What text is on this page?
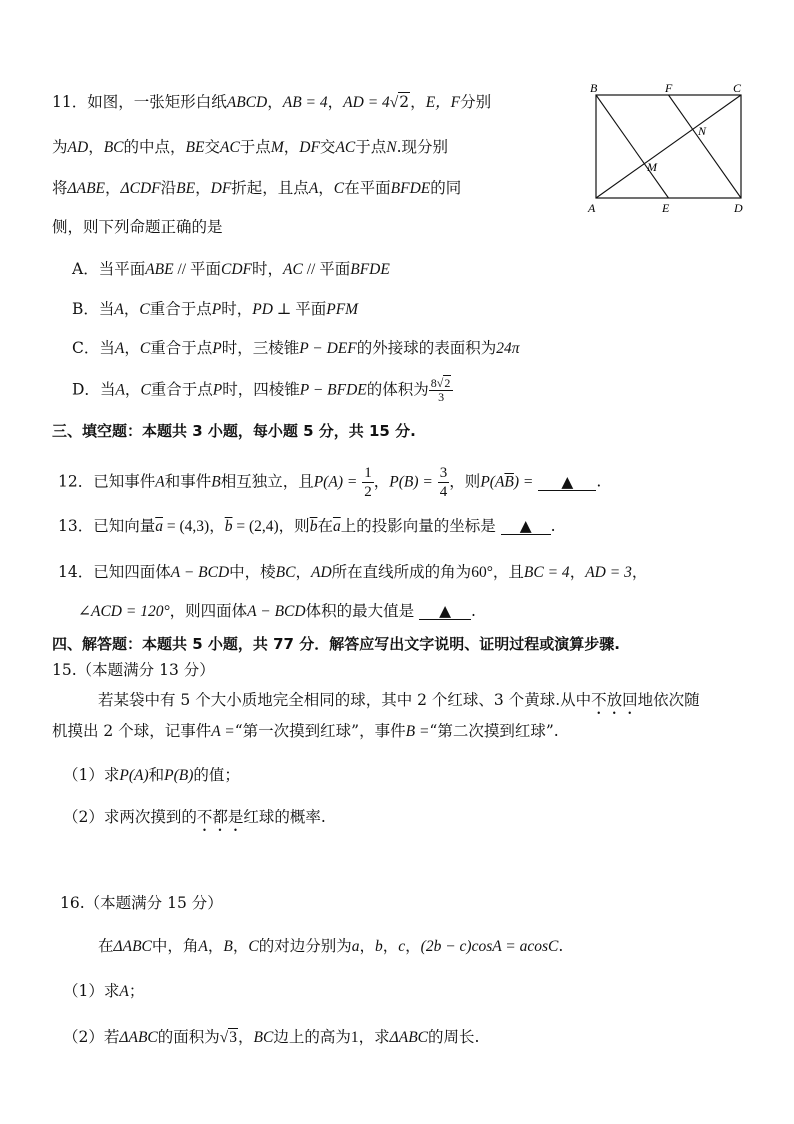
B	F	C
N
M
A	E	D
11．如图，一张矩形白纸ABCD，AB = 4，AD = 4√2，E，F分别
为AD，BC的中点，BE交AC于点M，DF交AC于点N.现分别
将ΔABE，ΔCDF沿BE，DF折起，且点A，C在平面BFDE的同
侧，则下列命题正确的是
A．当平面ABE // 平面CDF时，AC // 平面BFDE
B．当A，C重合于点P时，PD ⊥ 平面PFM
C．当A，C重合于点P时，三棱锥P − DEF的外接球的表面积为24π
D．当A，C重合于点P时，四棱锥P − BFDE的体积为 $\frac{8√2}{3}$
三、填空题：本题共 3 小题，每小题 5 分，共 15 分.
12．已知事件A和事件B相互独立，且$P(A) = \frac{1}{2}$ ，$P(B) = \frac{3}{4}$ ，则$P(A\overline{B})$ = ▲ .
13．已知向量$\overline{a} = (4,3)$，$\overline{b} = (2,4)$，则$\overline{b}$在$\overline{a}$上的投影向量的坐标是 ▲ .
14．已知四面体A − BCD中，棱BC，AD所在直线所成的角为60°，且BC = 4，AD = 3，
∠ACD = 120°，则四面体A − BCD体积的最大值是 ▲ .
四、解答题：本题共 5 小题，共 77 分．解答应写出文字说明、证明过程或演算步骤.
15.（本题满分 13 分）
若某袋中有 5 个大小质地完全相同的球，其中 2 个红球、3 个黄球.从中不放回地依次随
机摸出 2 个球，记事件A =“第一次摸到红球”，事件B =“第二次摸到红球”.
（1）求P(A)和P(B)的值；
（2）求两次摸到的不都是红球的概率.
16.（本题满分 15 分）
在ΔABC中，角A，B，C的对边分别为a，b，c，(2b − c)cosA = acosC.
（1）求A；
（2）若ΔABC的面积为√3，BC边上的高为1，求ΔABC的周长.
